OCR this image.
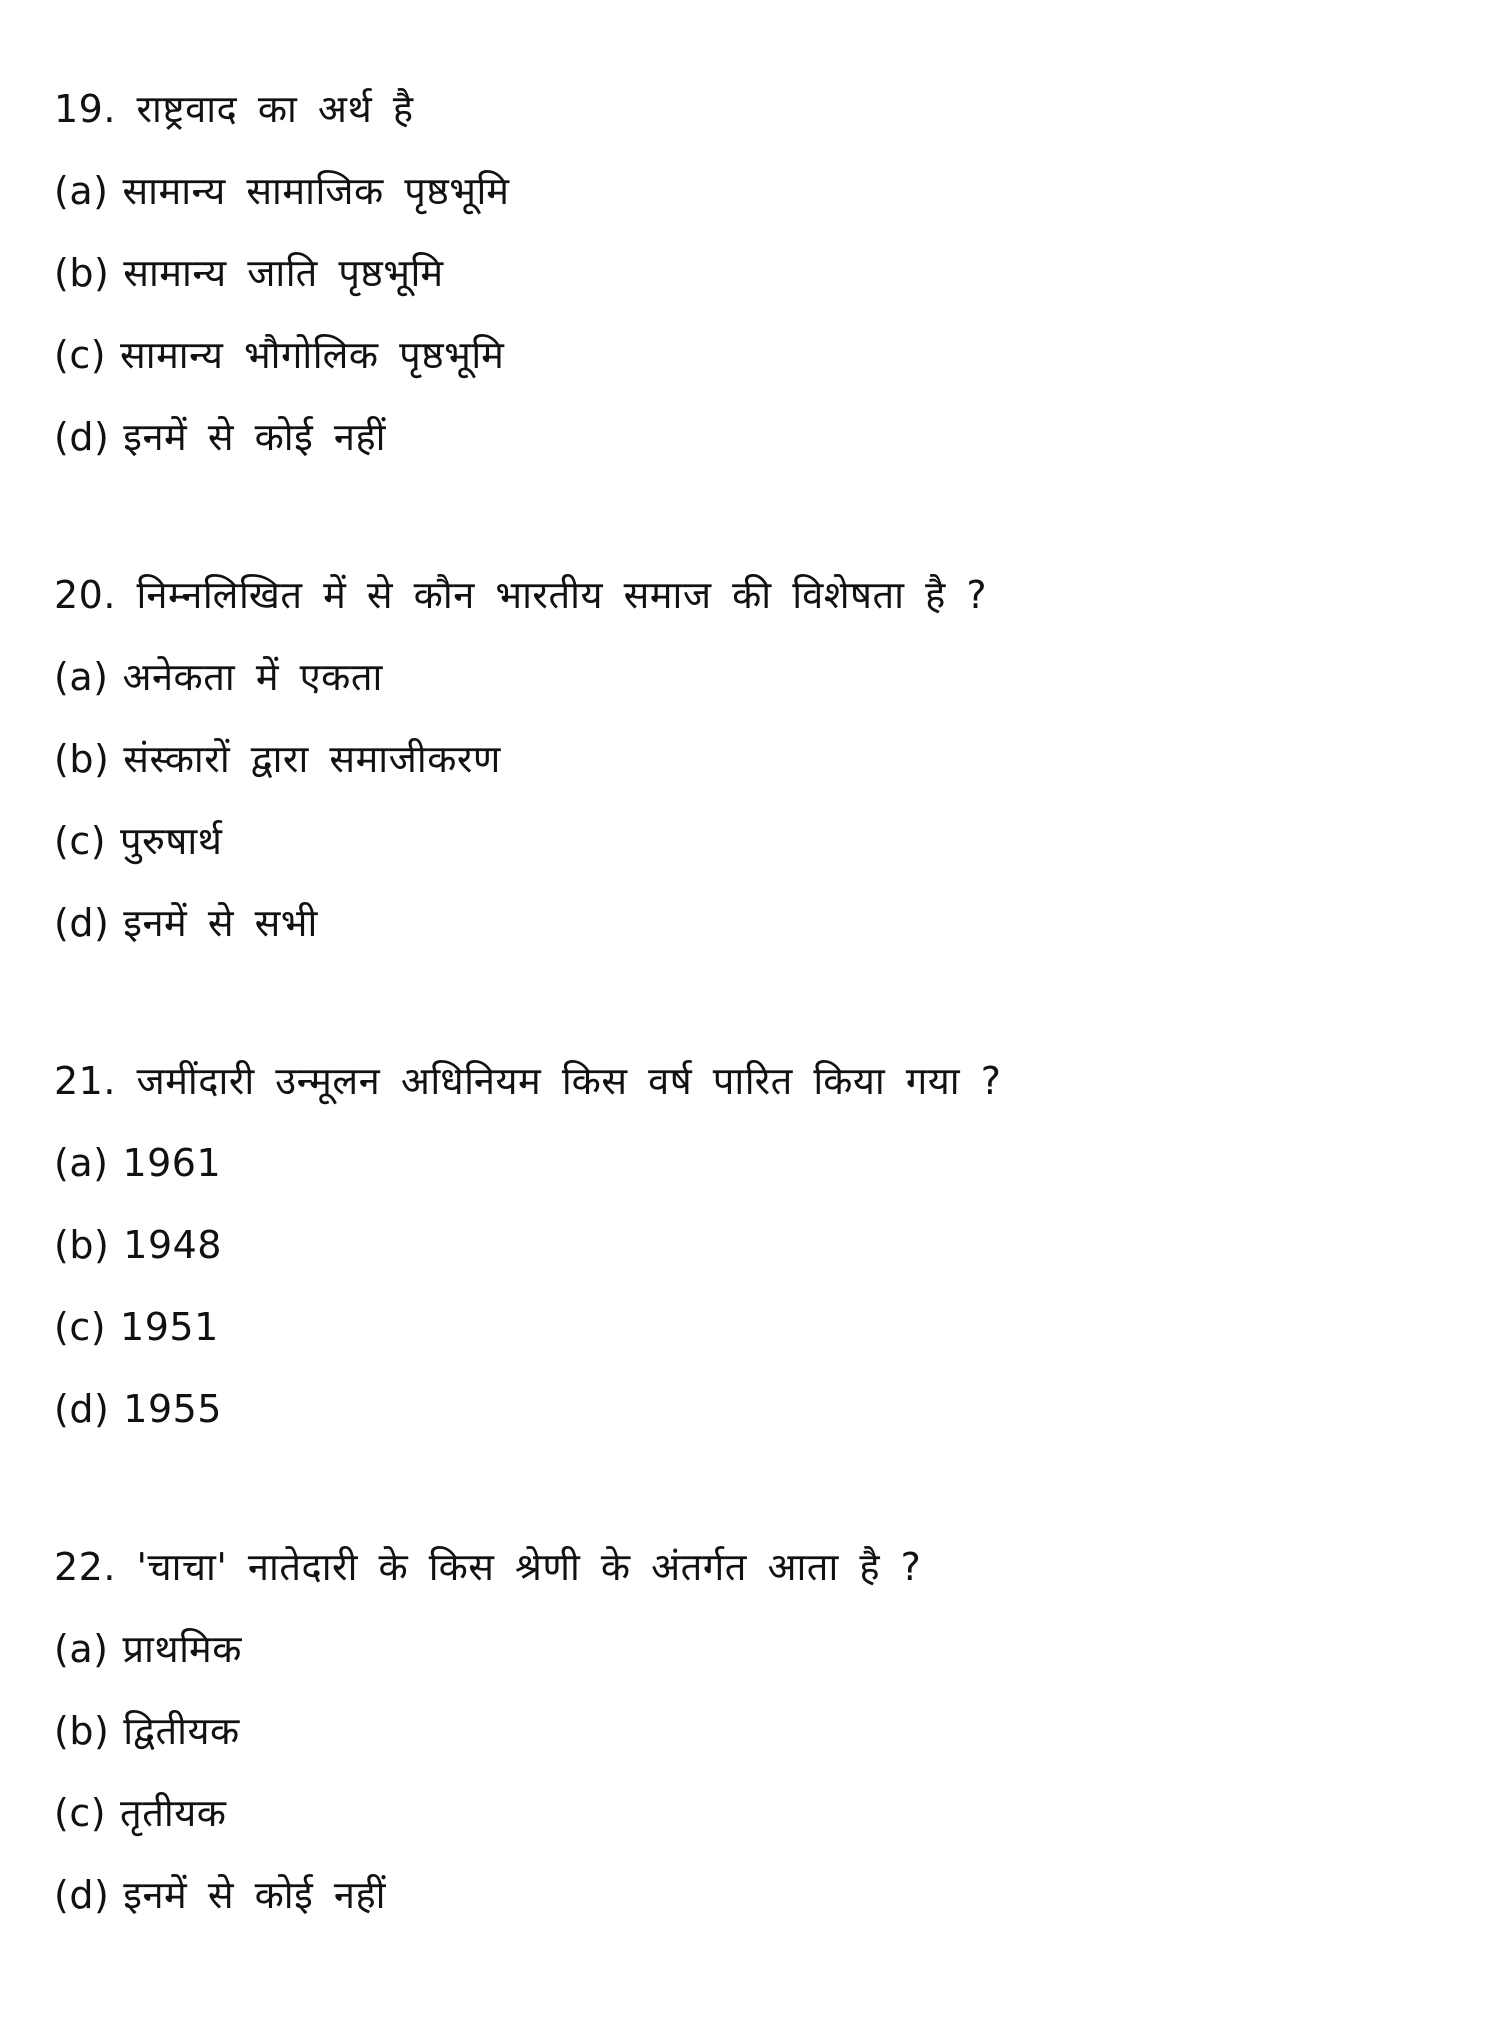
19. राष्ट्रवाद का अर्थ है
(a) सामान्य सामाजिक पृष्ठभूमि
(b) सामान्य जाति पृष्ठभूमि
(c) सामान्य भौगोलिक पृष्ठभूमि
(d) इनमें से कोई नहीं
20. निम्नलिखित में से कौन भारतीय समाज की विशेषता है ?
(a) अनेकता में एकता
(b) संस्कारों द्वारा समाजीकरण
(c) पुरुषार्थ
(d) इनमें से सभी
21. जमींदारी उन्मूलन अधिनियम किस वर्ष पारित किया गया ?
(a) 1961
(b) 1948
(c) 1951
(d) 1955
22. 'चाचा' नातेदारी के किस श्रेणी के अंतर्गत आता है ?
(a) प्राथमिक
(b) द्वितीयक
(c) तृतीयक
(d) इनमें से कोई नहीं
